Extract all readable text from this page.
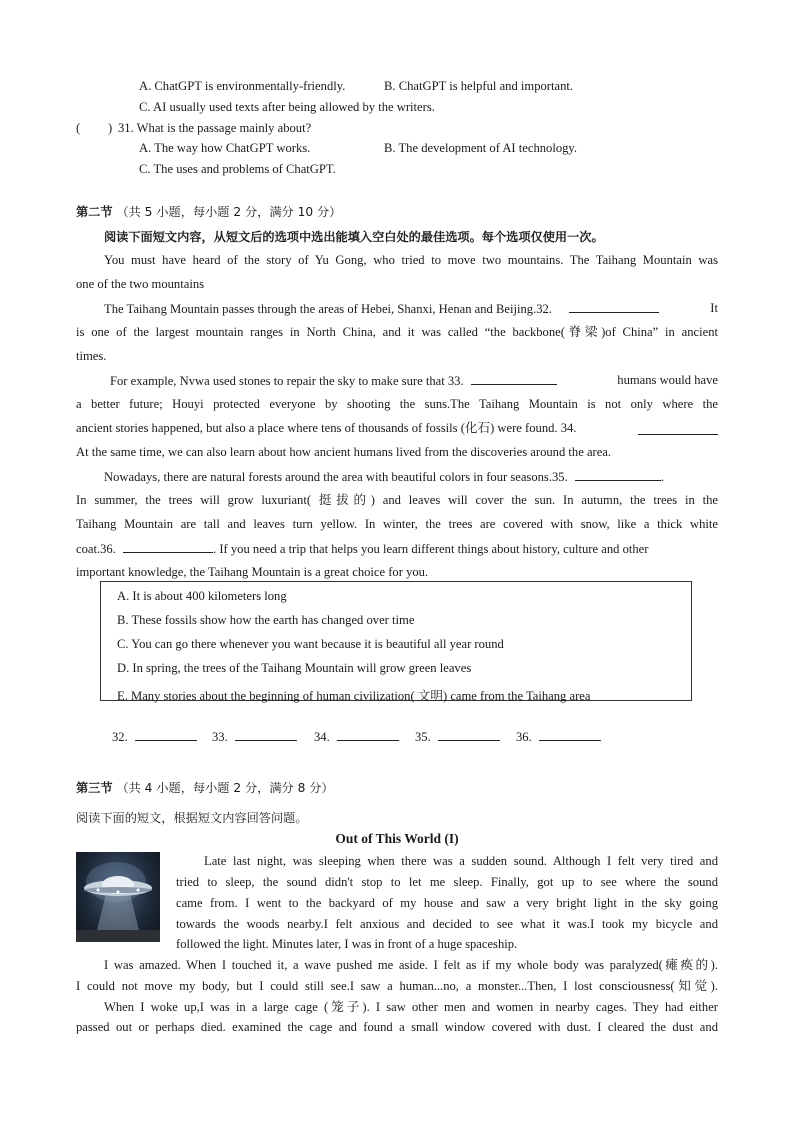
A. ChatGPT is environmentally-friendly.	B. ChatGPT is helpful and important.
C. AI usually used texts after being allowed by the writers.
( ) 31. What is the passage mainly about?
A. The way how ChatGPT works.	B. The development of AI technology.
C. The uses and problems of ChatGPT.
第二节 （共 5 小题，每小题 2 分，满分 10 分）
阅读下面短文内容，从短文后的选项中选出能填入空白处的最佳选项。每个选项仅使用一次。
You must have heard of the story of Yu Gong, who tried to move two mountains. The Taihang Mountain was
one of the two mountains
The Taihang Mountain passes through the areas of Hebei, Shanxi, Henan and Beijing.32.	It
is one of the largest mountain ranges in North China, and it was called “the backbone(脊梁)of China” in ancient
times.
For example, Nvwa used stones to repair the sky to make sure that 33.	humans would have
a better future; Houyi protected everyone by shooting the suns.The Taihang Mountain is not only where the
ancient stories happened, but also a place where tens of thousands of fossils (化石) were found. 34.
At the same time, we can also learn about how ancient humans lived from the discoveries around the area.
Nowadays, there are natural forests around the area with beautiful colors in four seasons.35.	.
In summer, the trees will grow luxuriant( 挺拔的) and leaves will cover the sun. In autumn, the trees in the
Taihang Mountain are tall and leaves turn yellow. In winter, the trees are covered with snow, like a thick white
coat.36.	. If you need a trip that helps you learn different things about history, culture and other
important knowledge, the Taihang Mountain is a great choice for you.
A. It is about 400 kilometers long
B. These fossils show how the earth has changed over time
C. You can go there whenever you want because it is beautiful all year round
D. In spring, the trees of the Taihang Mountain will grow green leaves
E. Many stories about the beginning of human civilization( 文明) came from the Taihang area
32.	33.	34.	35.	36.
第三节 （共 4 小题，每小题 2 分，满分 8 分）
阅读下面的短文，根据短文内容回答问题。
Out of This World (I)
Late last night, was sleeping when there was a sudden sound. Although I felt very tired and
tried to sleep, the sound didn't stop to let me sleep. Finally, got up to see where the sound
came from. I went to the backyard of my house and saw a very bright light in the sky going
towards the woods nearby.I felt anxious and decided to see what it was.I took my bicycle and
followed the light. Minutes later, I was in front of a huge spaceship.
I was amazed. When I touched it, a wave pushed me aside. I felt as if my whole body was paralyzed(瘫痪的).
I could not move my body, but I could still see.I saw a human...no, a monster...Then, I lost consciousness(知觉).
When I woke up,I was in a large cage (笼子). I saw other men and women in nearby cages. They had either
passed out or perhaps died. examined the cage and found a small window covered with dust. I cleared the dust and
